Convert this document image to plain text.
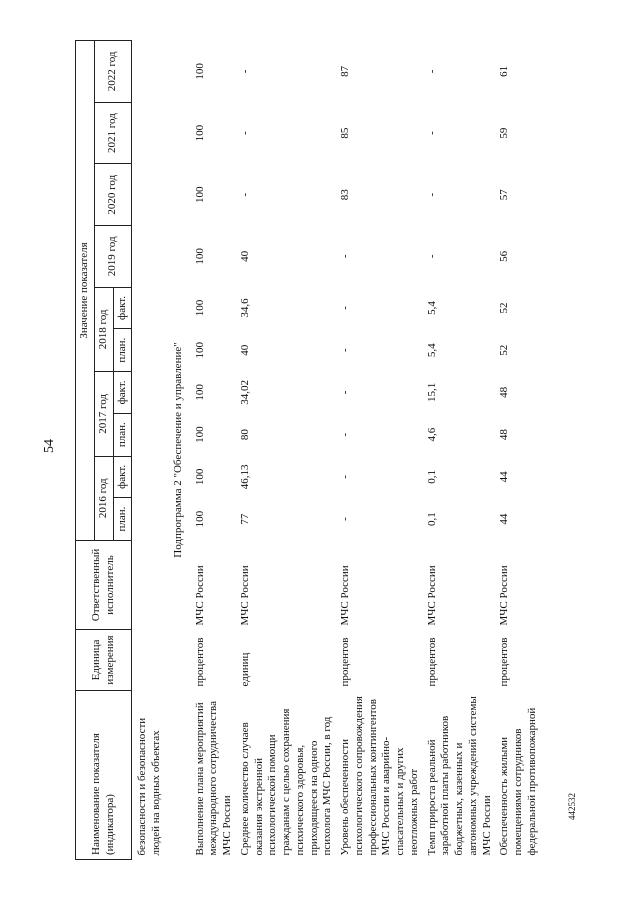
54
442532
Наименование показателя (индикатора)	Единица измерения	Ответственный исполнитель	Значение показателя									
			2016 год		2017 год		2018 год		2019 год	2020 год	2021 год	2022 год
			план.	факт.	план.	факт.	план.	факт.				
безопасности и безопасности людей на водных объектах												
Подпрограмма 2 "Обеспечение и управление"												
Выполнение плана мероприятий международного сотрудничества МЧС России	процентов	МЧС России	100	100	100	100	100	100	100	100	100	100
Среднее количество случаев оказания экстренной психологической помощи гражданам с целью сохранения психического здоровья, приходящееся на одного психолога МЧС России, в год	единиц	МЧС России	77	46,13	80	34,02	40	34,6	40	-	-	-
Уровень обеспеченности психологического сопровождения профессиональных контингентов МЧС России и аварийно-спасательных и других неотложных работ	процентов	МЧС России	-	-	-	-	-	-	-	83	85	87
Темп прироста реальной заработной платы работников бюджетных, казенных и автономных учреждений системы МЧС России	процентов	МЧС России	0,1	0,1	4,6	15,1	5,4	5,4	-	-	-	-
Обеспеченность жилыми помещениями сотрудников федеральной противопожарной	процентов	МЧС России	44	44	48	48	52	52	56	57	59	61
